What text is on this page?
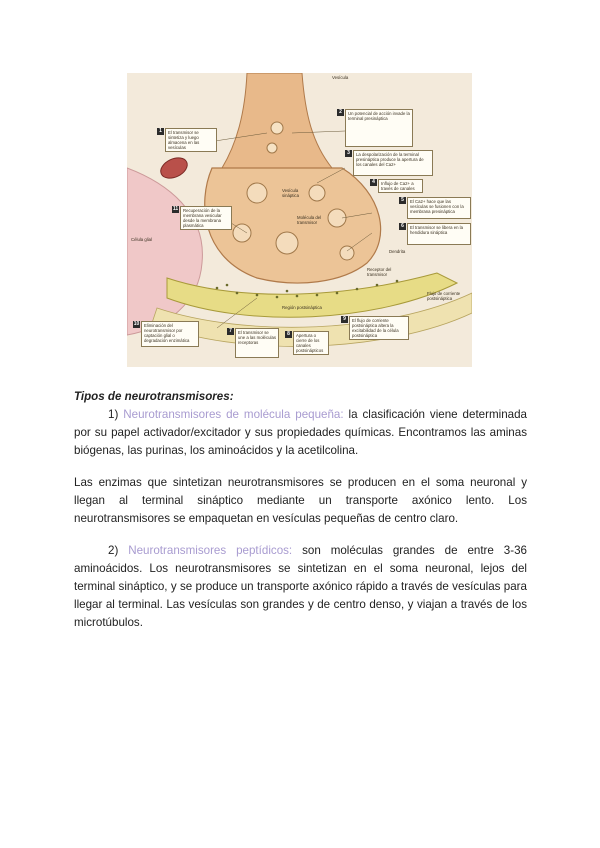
Vesícula
Vesícula sináptica
Molécula del transmisor
Célula glial
Dendrita
Receptor del transmisor
Región postsináptica
Flujo de corriente postsináptica
1	El transmisor se sintetiza y luego almacena en las vesículas
2	Un potencial de acción invade la terminal presináptica
3	La despolarización de la terminal presináptica produce la apertura de los canales del Ca2+
4	Influjo de Ca2+ a través de canales
5	El Ca2+ hace que las vesículas se fusionen con la membrana presináptica
6	El transmisor se libera en la hendidura sináptica
7	El transmisor se une a las moléculas receptoras
8	Apertura o cierre de los canales postsinápticos
9	El flujo de corriente postsináptica altera la excitabilidad de la célula postsináptica
10	Eliminación del neurotransmisor por captación glial o degradación enzimática
11	Recuperación de la membrana vesicular desde la membrana plasmática
Tipos de neurotransmisores:
1) Neurotransmisores de molécula pequeña: la clasificación viene determinada por su papel activador/excitador y sus propiedades químicas. Encontramos las aminas biógenas, las purinas, los aminoácidos y la acetilcolina.
Las enzimas que sintetizan neurotransmisores se producen en el soma neuronal y llegan al terminal sináptico mediante un transporte axónico lento. Los neurotransmisores se empaquetan en vesículas pequeñas de centro claro.
2) Neurotransmisores peptídicos: son moléculas grandes de entre 3-36 aminoácidos. Los neurotransmisores se sintetizan en el soma neuronal, lejos del terminal sináptico, y se produce un transporte axónico rápido a través de vesículas para llegar al terminal. Las vesículas son grandes y de centro denso, y viajan a través de los microtúbulos.
